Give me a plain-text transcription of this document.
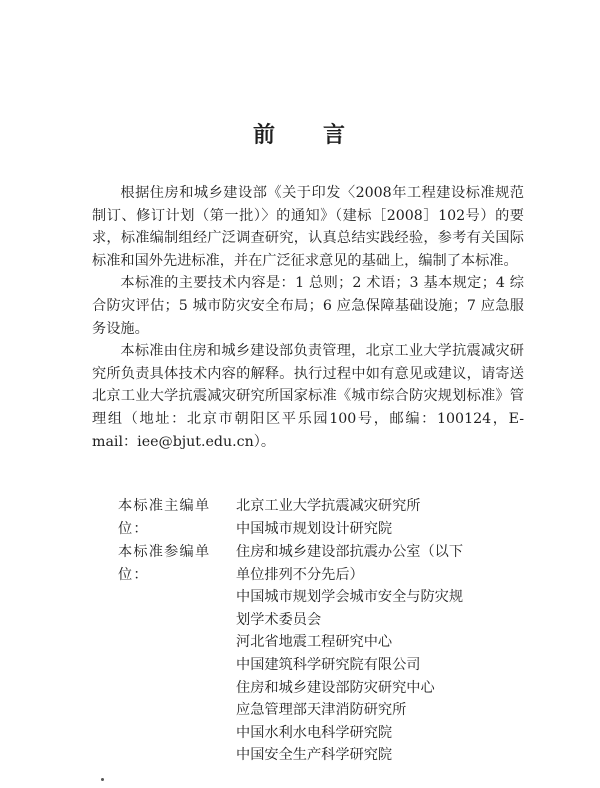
前 言

根据住房和城乡建设部《关于印发〈2008年工程建设标准规范制订、修订计划（第一批）〉的通知》（建标［2008］102号）的要求，标准编制组经广泛调查研究，认真总结实践经验，参考有关国际标准和国外先进标准，并在广泛征求意见的基础上，编制了本标准。

本标准的主要技术内容是：1 总则；2 术语；3 基本规定；4 综合防灾评估；5 城市防灾安全布局；6 应急保障基础设施；7 应急服务设施。

本标准由住房和城乡建设部负责管理，北京工业大学抗震减灾研究所负责具体技术内容的解释。执行过程中如有意见或建议，请寄送北京工业大学抗震减灾研究所国家标准《城市综合防灾规划标准》管理组（地址：北京市朝阳区平乐园100号，邮编：100124，E-mail：iee@bjut.edu.cn）。

本标准主编单位：
北京工业大学抗震减灾研究所
中国城市规划设计研究院
本标准参编单位：
住房和城乡建设部抗震办公室（以下
单位排列不分先后）
中国城市规划学会城市安全与防灾规
划学术委员会
河北省地震工程研究中心
中国建筑科学研究院有限公司
住房和城乡建设部防灾研究中心
应急管理部天津消防研究所
中国水利水电科学研究院
中国安全生产科学研究院
